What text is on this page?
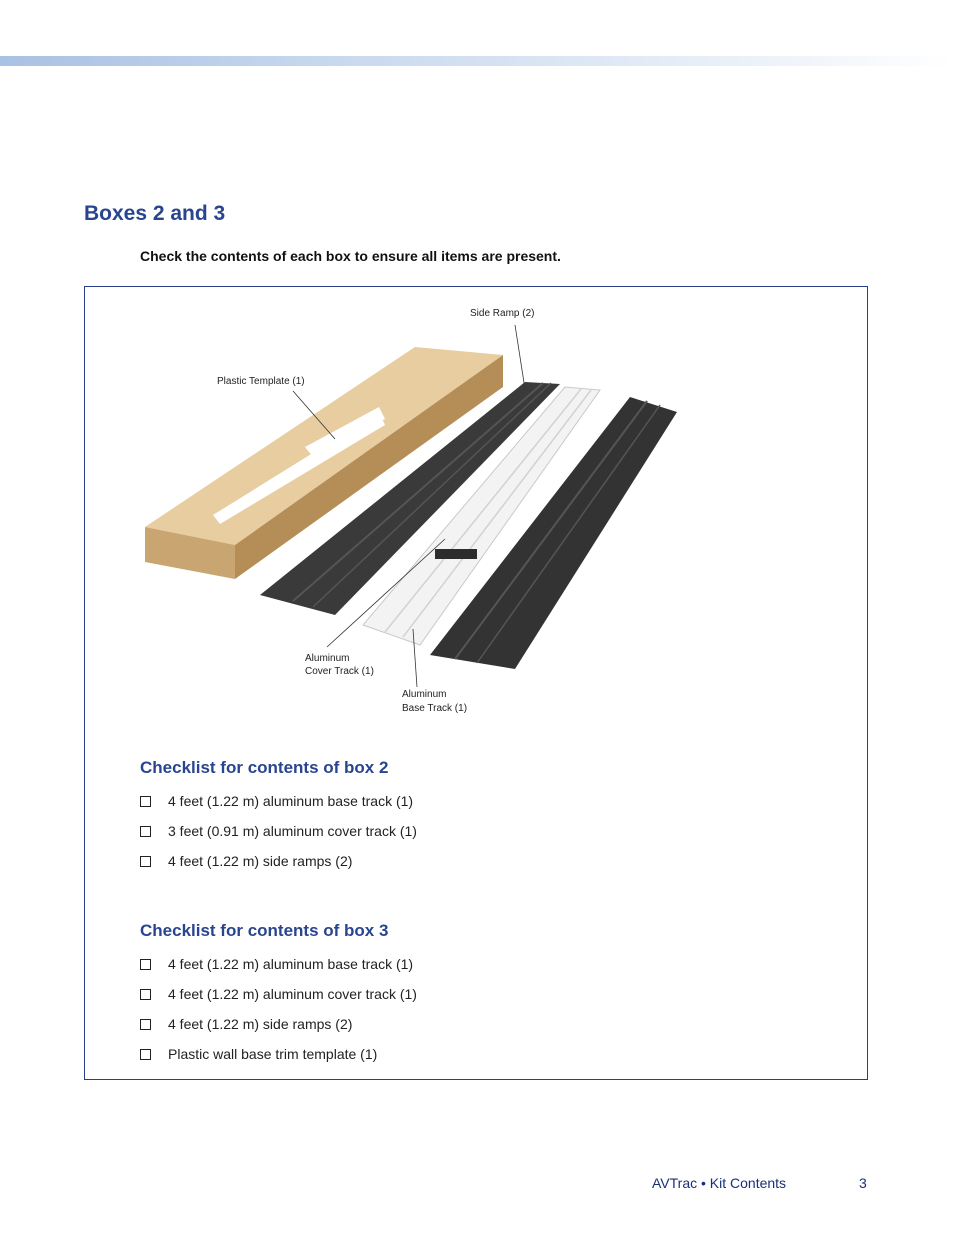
Boxes 2 and 3

Check the contents of each box to ensure all items are present.

Side Ramp (2)
Plastic Template (1)
Aluminum
Cover Track (1)
Aluminum
Base Track (1)
Checklist for contents of box 2
4 feet (1.22 m) aluminum base track (1)
3 feet (0.91 m) aluminum cover track (1)
4 feet (1.22 m) side ramps (2)
Checklist for contents of box 3
4 feet (1.22 m) aluminum base track (1)
4 feet (1.22 m) aluminum cover track (1)
4 feet (1.22 m) side ramps (2)
Plastic wall base trim template (1)
AVTrac • Kit Contents	3
